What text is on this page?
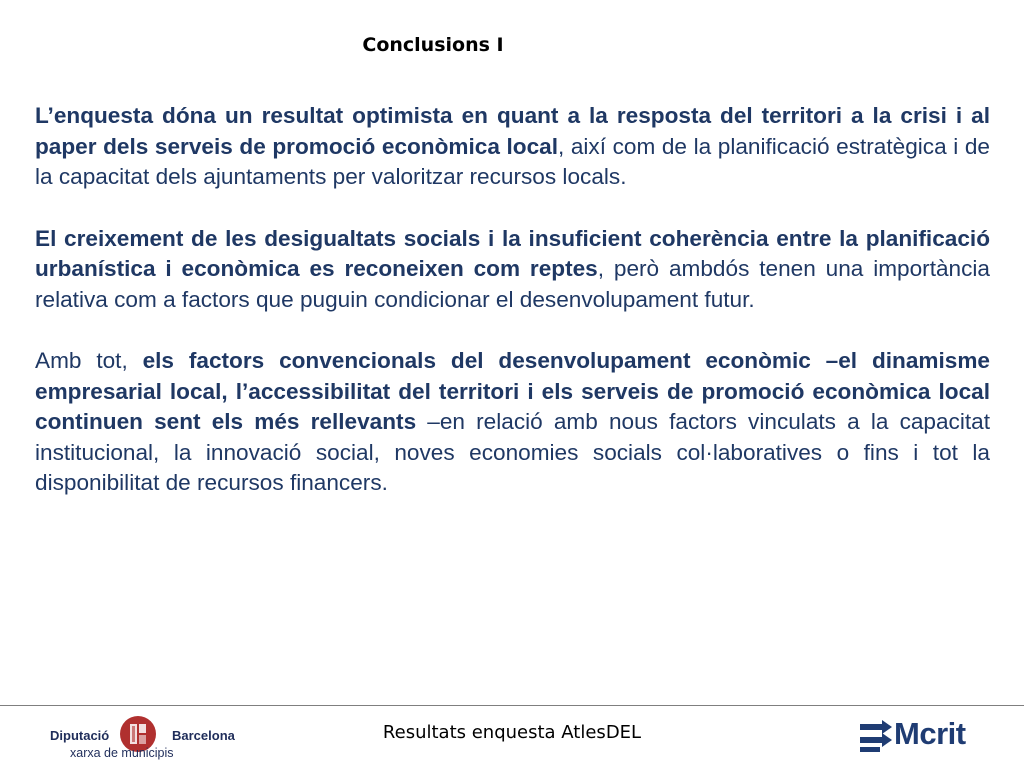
Conclusions I

L’enquesta dóna un resultat optimista en quant a la resposta del territori a la crisi i al paper dels serveis de promoció econòmica local, així com de la planificació estratègica i de la capacitat dels ajuntaments per valoritzar recursos locals.

El creixement de les desigualtats socials i la insuficient coherència entre la planificació urbanística i econòmica es reconeixen com reptes, però ambdós tenen una importància relativa com a factors que puguin condicionar el desenvolupament futur.

Amb tot, els factors convencionals del desenvolupament econòmic –el dinamisme empresarial local, l’accessibilitat del territori i els serveis de promoció econòmica local continuen sent els més rellevants –en relació amb nous factors vinculats a la capacitat institucional, la innovació social, noves economies socials col·laboratives o fins i tot la disponibilitat de recursos financers.

Diputació	Barcelona
xarxa de municipis
Resultats enquesta AtlesDEL	Mcrit
